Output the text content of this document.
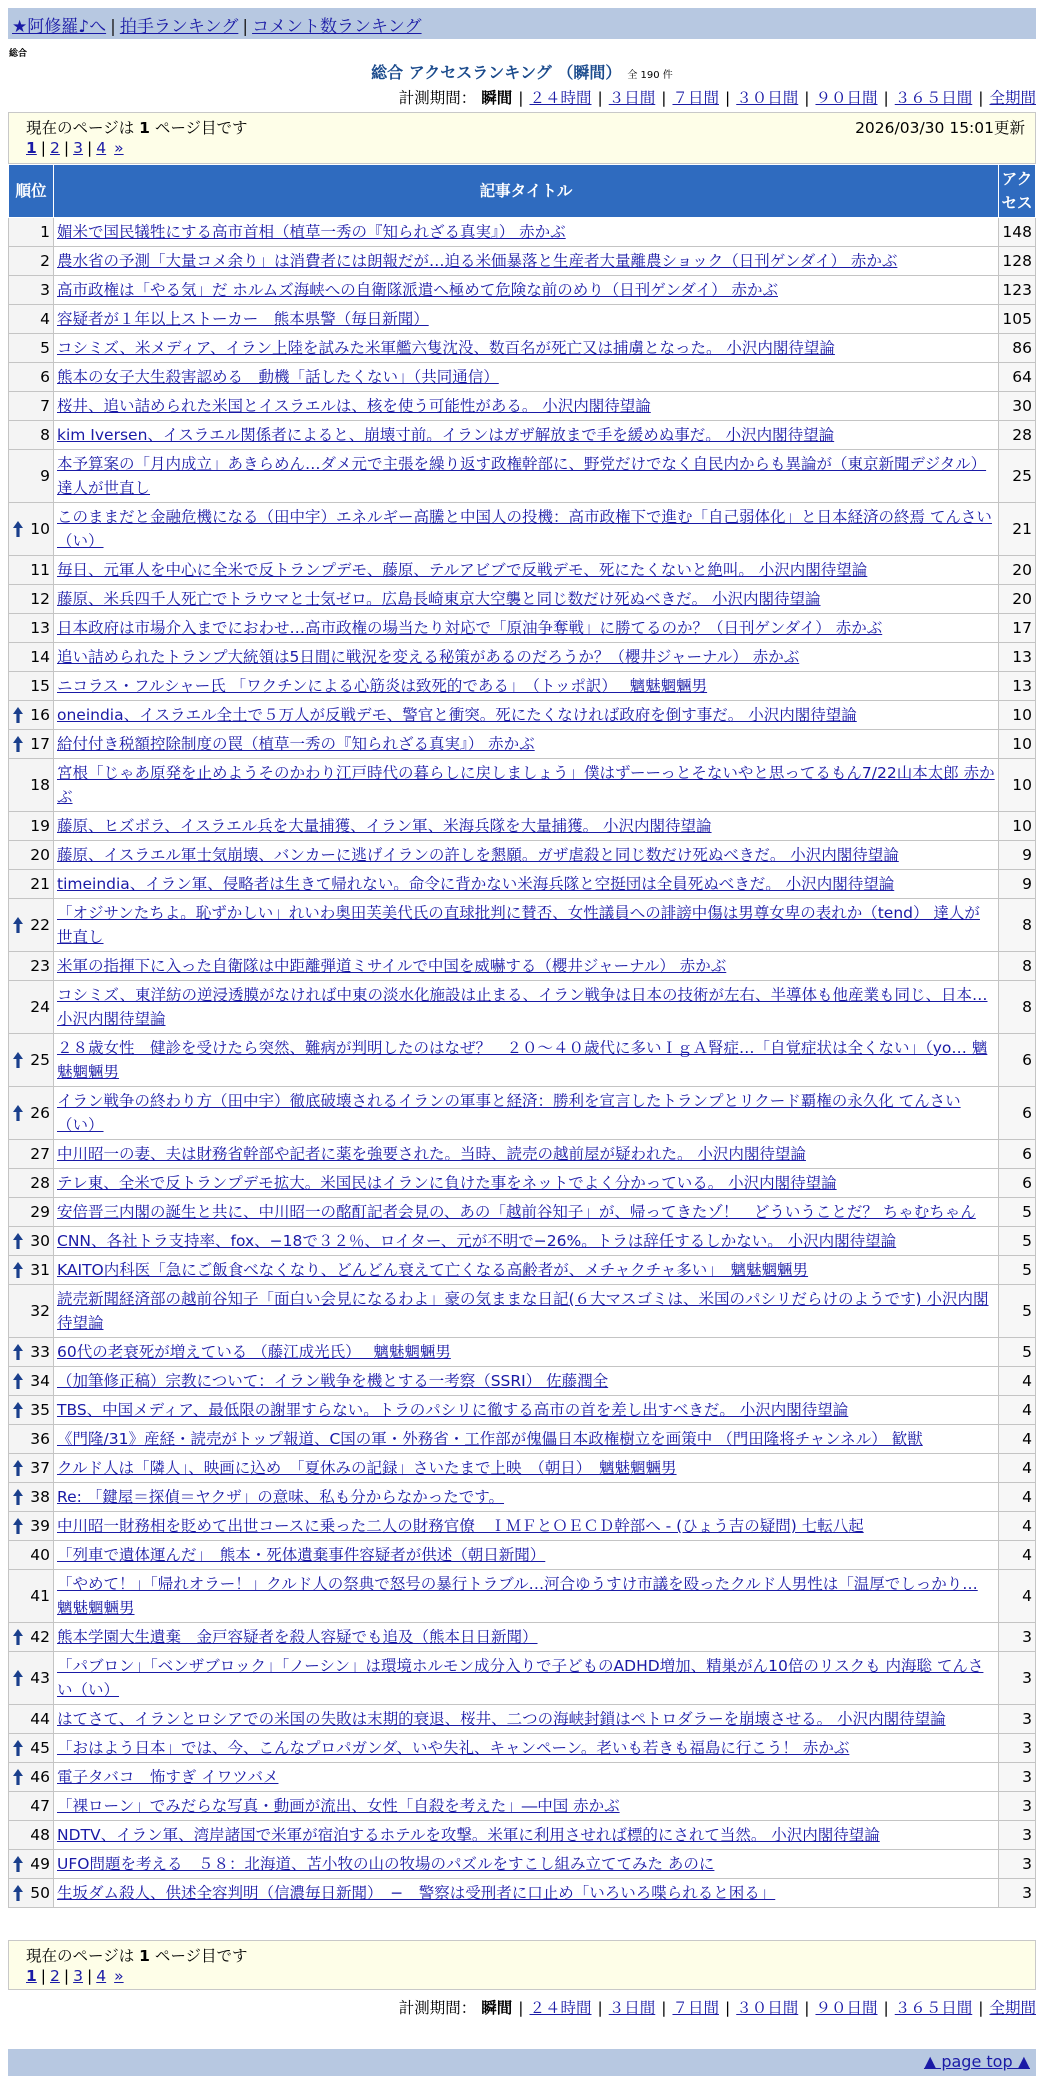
★阿修羅♪へ | 拍手ランキング | コメント数ランキング
総合
総合 アクセスランキング （瞬間） 全 190 件
計測期間： 瞬間 | ２４時間 | ３日間 | ７日間 | ３０日間 | ９０日間 | ３６５日間 | 全期間
現在のページは 1 ページ目です	2026/03/30 15:01更新
1 | 2 | 3 | 4 »
順位	記事タイトル	アク
セス
1	媚米で国民犠牲にする高市首相（植草一秀の『知られざる真実』） 赤かぶ	148
2	農水省の予測「大量コメ余り」は消費者には朗報だが…迫る米価暴落と生産者大量離農ショック（日刊ゲンダイ） 赤かぶ	128
3	高市政権は「やる気」だ ホルムズ海峡への自衛隊派遣へ極めて危険な前のめり（日刊ゲンダイ） 赤かぶ	123
4	容疑者が１年以上ストーカー　熊本県警（毎日新聞）	105
5	コシミズ、米メディア、イラン上陸を試みた米軍艦六隻沈没、数百名が死亡又は捕虜となった。 小沢内閣待望論	86
6	熊本の女子大生殺害認める　動機「話したくない」（共同通信）	64
7	桜井、追い詰められた米国とイスラエルは、核を使う可能性がある。 小沢内閣待望論	30
8	kim Iversen、イスラエル関係者によると、崩壊寸前。イランはガザ解放まで手を緩めぬ事だ。 小沢内閣待望論	28
9	本予算案の「月内成立」あきらめん…ダメ元で主張を繰り返す政権幹部に、野党だけでなく自民内からも異論が（東京新聞デジタル） 達人が世直し	25

10	このままだと金融危機になる（田中宇）エネルギー高騰と中国人の投機：高市政権下で進む「自己弱体化」と日本経済の終焉 てんさい（い）	21
11	毎日、元軍人を中心に全米で反トランプデモ、藤原、テルアビブで反戦デモ、死にたくないと絶叫。 小沢内閣待望論	20
12	藤原、米兵四千人死亡でトラウマと士気ゼロ。広島長崎東京大空襲と同じ数だけ死ぬべきだ。 小沢内閣待望論	20
13	日本政府は市場介入までにおわせ…高市政権の場当たり対応で「原油争奪戦」に勝てるのか？（日刊ゲンダイ） 赤かぶ	17
14	追い詰められたトランプ大統領は5日間に戦況を変える秘策があるのだろうか？（櫻井ジャーナル） 赤かぶ	13
15	ニコラス・フルシャー氏 「ワクチンによる心筋炎は致死的である」　（トッポ訳）　 魑魅魍魎男	13

16	oneindia、イスラエル全土で５万人が反戦デモ、警官と衝突。死にたくなければ政府を倒す事だ。 小沢内閣待望論	10

17	給付付き税額控除制度の罠（植草一秀の『知られざる真実』） 赤かぶ	10
18	宮根「じゃあ原発を止めようそのかわり江戸時代の暮らしに戻しましょう」僕はずーーっとそないやと思ってるもん7/22山本太郎 赤かぶ	10
19	藤原、ヒズボラ、イスラエル兵を大量捕獲、イラン軍、米海兵隊を大量捕獲。 小沢内閣待望論	10
20	藤原、イスラエル軍士気崩壊、バンカーに逃げイランの許しを懇願。ガザ虐殺と同じ数だけ死ぬべきだ。 小沢内閣待望論	9
21	timeindia、イラン軍、侵略者は生きて帰れない。命令に背かない米海兵隊と空挺団は全員死ぬべきだ。 小沢内閣待望論	9

22	「オジサンたちよ。恥ずかしい」れいわ奥田芙美代氏の直球批判に賛否、女性議員への誹謗中傷は男尊女卑の表れか（tend） 達人が世直し	8
23	米軍の指揮下に入った自衛隊は中距離弾道ミサイルで中国を威嚇する（櫻井ジャーナル） 赤かぶ	8
24	コシミズ、東洋紡の逆浸透膜がなければ中東の淡水化施設は止まる、イラン戦争は日本の技術が左右、半導体も他産業も同じ、日本… 小沢内閣待望論	8

25	２８歳女性　健診を受けたら突然、難病が判明したのはなぜ？　２０～４０歳代に多いＩｇＡ腎症…「自覚症状は全くない」（yo… 魑魅魍魎男	6

26	イラン戦争の終わり方（田中宇）徹底破壊されるイランの軍事と経済：勝利を宣言したトランプとリクード覇権の永久化 てんさい（い）	6
27	中川昭一の妻、夫は財務省幹部や記者に薬を強要された。当時、読売の越前屋が疑われた。 小沢内閣待望論	6
28	テレ東、全米で反トランプデモ拡大。米国民はイランに負けた事をネットでよく分かっている。 小沢内閣待望論	6
29	安倍晋三内閣の誕生と共に、中川昭一の酩酊記者会見の、あの「越前谷知子」が、帰ってきたゾ！　どういうことだ？ ちゃむちゃん	5

30	CNN、各社トラ支持率、fox、−18で３２％、ロイター、元が不明で−26%。トラは辞任するしかない。 小沢内閣待望論	5

31	KAITO内科医「急にご飯食べなくなり、どんどん衰えて亡くなる高齢者が、メチャクチャ多い」　魑魅魍魎男	5
32	読売新聞経済部の越前谷知子「面白い会見になるわよ」豪の気ままな日記(６大マスゴミは、米国のパシリだらけのようです) 小沢内閣待望論	5

33	60代の老衰死が増えている （藤江成光氏）　 魑魅魍魎男	5

34	（加筆修正稿）宗教について：イラン戦争を機とする一考察（SSRI） 佐藤潤全	4

35	TBS、中国メディア、最低限の謝罪すらない。トラのパシリに徹する高市の首を差し出すべきだ。 小沢内閣待望論	4
36	《門隆/31》産経・読売がトップ報道、C国の軍・外務省・工作部が傀儡日本政権樹立を画策中 （門田隆将チャンネル） 歓獣	4

37	クルド人は「隣人」、映画に込め　「夏休みの記録」さいたまで上映　（朝日）　魑魅魍魎男	4

38	Re: 「鍵屋＝探偵＝ヤクザ」の意味、私も分からなかったです。	4

39	中川昭一財務相を貶めて出世コースに乗った二人の財務官僚　ＩＭＦとＯＥＣＤ幹部へ - (ひょう吉の疑問) 七転八起	4
40	「列車で遺体運んだ」　熊本・死体遺棄事件容疑者が供述（朝日新聞）	4
41	「やめて！」「帰れオラー！」クルド人の祭典で怒号の暴行トラブル…河合ゆうすけ市議を殴ったクルド人男性は「温厚でしっかり… 魑魅魍魎男	4

42	熊本学園大生遺棄　金戸容疑者を殺人容疑でも追及（熊本日日新聞）	3

43	「パブロン」「ベンザブロック」「ノーシン」は環境ホルモン成分入りで子どものADHD増加、精巣がん10倍のリスクも 内海聡 てんさい（い）	3
44	はてさて、イランとロシアでの米国の失敗は末期的衰退、桜井、二つの海峡封鎖はペトロダラーを崩壊させる。 小沢内閣待望論	3

45	「おはよう日本」では、今、こんなプロパガンダ、いや失礼、キャンペーン。老いも若きも福島に行こう！ 赤かぶ	3

46	電子タバコ　怖すぎ イワツバメ	3
47	「裸ローン」でみだらな写真・動画が流出、女性「自殺を考えた」―中国 赤かぶ	3
48	NDTV、イラン軍、湾岸諸国で米軍が宿泊するホテルを攻撃。米軍に利用させれば標的にされて当然。 小沢内閣待望論	3

49	UFO問題を考える　５８：北海道、苫小牧の山の牧場のパズルをすこし組み立ててみた あのに	3

50	生坂ダム殺人、供述全容判明（信濃毎日新聞）　−　警察は受刑者に口止め「いろいろ喋られると困る」	3
現在のページは 1 ページ目です
1 | 2 | 3 | 4 »
計測期間： 瞬間 | ２４時間 | ３日間 | ７日間 | ３０日間 | ９０日間 | ３６５日間 | 全期間
▲ page top ▲
